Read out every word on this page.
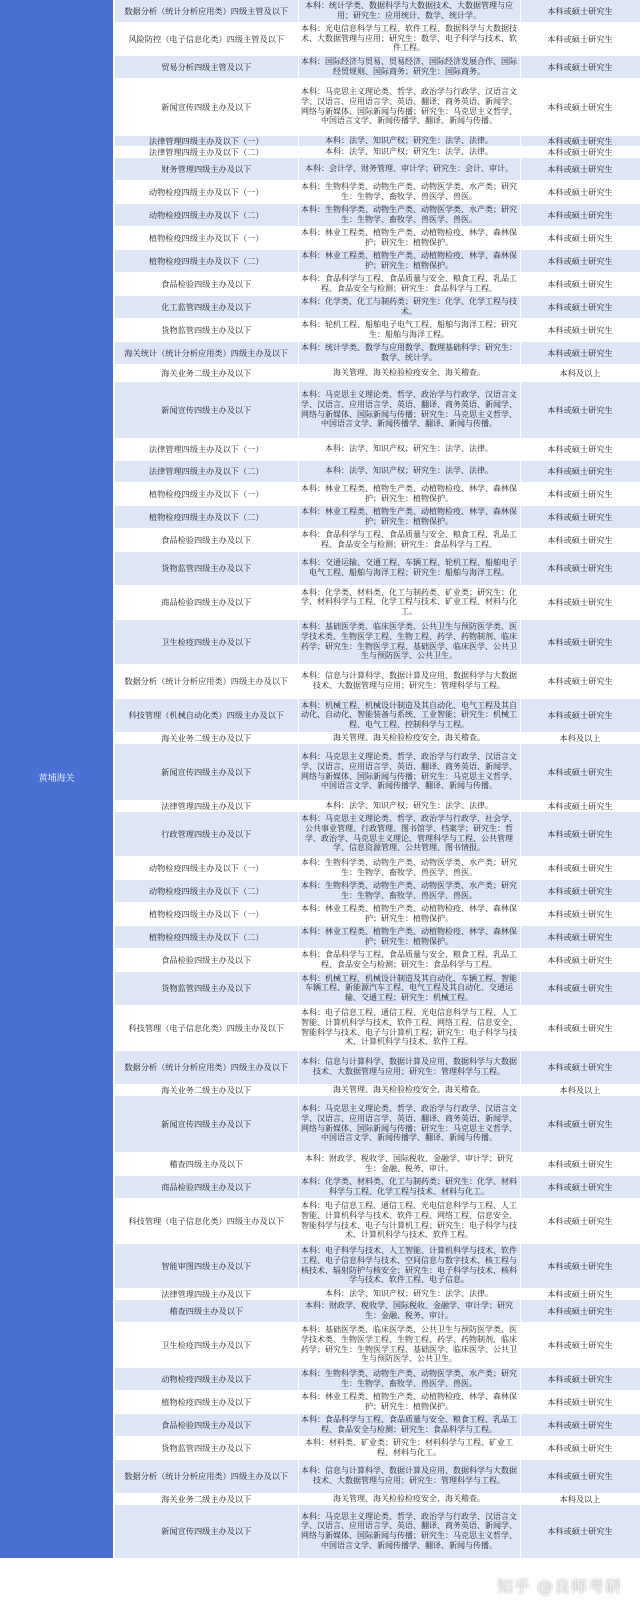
黄埔海关	数据分析（统计分析应用类）四级主管及以下	本科：统计学类、数据科学与大数据技术、大数据管理与应用；研究生：应用统计、数学、统计学。	本科或硕士研究生
	风险防控（电子信息化类）四级主管及以下	本科：光电信息科学与工程、软件工程、数据科学与大数据技术、大数据管理与应用；研究生：数学、电子科学与技术、软件工程。	本科或硕士研究生
	贸易分析四级主管及以下	本科：国际经济与贸易、贸易经济、国际经济发展合作、国际经贸规则、国际商务；研究生：国际商务。	本科或硕士研究生
	新闻宣传四级主办及以下	本科：马克思主义理论类、哲学、政治学与行政学、汉语言文学、汉语言、应用语言学、英语、翻译、商务英语、新闻学、网络与新媒体、国际新闻与传播；研究生：马克思主义哲学、中国语言文学、新闻传播学、翻译、新闻与传播。	本科或硕士研究生
	法律管理四级主办及以下（一）	本科：法学、知识产权；研究生：法学、法律。	本科或硕士研究生
	法律管理四级主办及以下（二）	本科：法学、知识产权；研究生：法学、法律。	本科或硕士研究生
	财务管理四级主办及以下	本科：会计学、财务管理、审计学；研究生：会计、审计。	本科或硕士研究生
	动物检疫四级主办及以下（一）	本科：生物科学类、动物生产类、动物医学类、水产类；研究生：生物学、畜牧学、兽医学、兽医。	本科或硕士研究生
	动物检疫四级主办及以下（二）	本科：生物科学类、动物生产类、动物医学类、水产类；研究生：生物学、畜牧学、兽医学、兽医。	本科或硕士研究生
	植物检疫四级主办及以下（一）	本科：林业工程类、植物生产类、动植物检疫、林学、森林保护；研究生：植物保护。	本科或硕士研究生
	植物检疫四级主办及以下（二）	本科：林业工程类、植物生产类、动植物检疫、林学、森林保护；研究生：植物保护。	本科或硕士研究生
	食品检验四级主办及以下	本科：食品科学与工程、食品质量与安全、粮食工程、乳品工程、食品安全与检测；研究生：食品科学与工程。	本科或硕士研究生
	化工监管四级主办及以下	本科：化学类、化工与制药类；研究生：化学、化学工程与技术。	本科或硕士研究生
	货物监管四级主办及以下	本科：轮机工程、船舶电子电气工程、船舶与海洋工程；研究生：船舶与海洋工程。	本科或硕士研究生
	海关统计（统计分析应用类）四级主办及以下	本科：统计学类、数学与应用数学、数理基础科学；研究生：数学、统计学。	本科或硕士研究生
	海关业务二级主办及以下	海关管理、海关检验检疫安全、海关稽查。	本科及以上
	新闻宣传四级主办及以下	本科：马克思主义理论类、哲学、政治学与行政学、汉语言文学、汉语言、应用语言学、英语、翻译、商务英语、新闻学、网络与新媒体、国际新闻与传播；研究生：马克思主义哲学、中国语言文学、新闻传播学、翻译、新闻与传播。	本科或硕士研究生
	法律管理四级主办及以下（一）	本科：法学、知识产权；研究生：法学、法律。	本科或硕士研究生
	法律管理四级主办及以下（二）	本科：法学、知识产权；研究生：法学、法律。	本科或硕士研究生
	植物检疫四级主办及以下（一）	本科：林业工程类、植物生产类、动植物检疫、林学、森林保护；研究生：植物保护。	本科或硕士研究生
	植物检疫四级主办及以下（二）	本科：林业工程类、植物生产类、动植物检疫、林学、森林保护；研究生：植物保护。	本科或硕士研究生
	食品检验四级主办及以下	本科：食品科学与工程、食品质量与安全、粮食工程、乳品工程、食品安全与检测；研究生：食品科学与工程。	本科或硕士研究生
	货物监管四级主办及以下	本科：交通运输、交通工程、车辆工程、轮机工程、船舶电子电气工程、船舶与海洋工程；研究生：船舶与海洋工程。	本科或硕士研究生
	商品检验四级主办及以下	本科：化学类、材料类、化工与制药类、矿业类；研究生：化学、材料科学与工程、化学工程与技术、矿业工程、材料与化工。	本科或硕士研究生
	卫生检疫四级主办及以下	本科：基础医学类、临床医学类、公共卫生与预防医学类、医学技术类、生物医学工程、生物工程、药学、药物制剂、临床药学；研究生：生物医学工程、基础医学、临床医学、公共卫生与预防医学、公共卫生。	本科或硕士研究生
	数据分析（统计分析应用类）四级主办及以下	本科：信息与计算科学、数据计算及应用、数据科学与大数据技术、大数据管理与应用；研究生：管理科学与工程。	本科或硕士研究生
	科技管理（机械自动化类）四级主办及以下	本科：机械工程、机械设计制造及其自动化、电气工程及其自动化、自动化、智能装备与系统、工业智能；研究生：机械工程、电气工程、控制科学与工程。	本科或硕士研究生
	海关业务二级主办及以下	海关管理、海关检验检疫安全、海关稽查。	本科及以上
	新闻宣传四级主办及以下	本科：马克思主义理论类、哲学、政治学与行政学、汉语言文学、汉语言、应用语言学、英语、翻译、商务英语、新闻学、网络与新媒体、国际新闻与传播；研究生：马克思主义哲学、中国语言文学、新闻传播学、翻译、新闻与传播。	本科或硕士研究生
	法律管理四级主办及以下	本科：法学、知识产权；研究生：法学、法律。	本科或硕士研究生
	行政管理四级主办及以下	本科：马克思主义理论类、哲学、政治学与行政学、社会学、公共事业管理、行政管理、图书馆学、档案学；研究生：哲学、政治学、马克思主义理论、管理科学与工程、公共管理学、信息资源管理、公共管理、图书情报。	本科或硕士研究生
	动物检疫四级主办及以下（一）	本科：生物科学类、动物生产类、动物医学类、水产类；研究生：生物学、畜牧学、兽医学、兽医。	本科或硕士研究生
	动物检疫四级主办及以下（二）	本科：生物科学类、动物生产类、动物医学类、水产类；研究生：生物学、畜牧学、兽医学、兽医。	本科或硕士研究生
	植物检疫四级主办及以下（一）	本科：林业工程类、植物生产类、动植物检疫、林学、森林保护；研究生：植物保护。	本科或硕士研究生
	植物检疫四级主办及以下（二）	本科：林业工程类、植物生产类、动植物检疫、林学、森林保护；研究生：植物保护。	本科或硕士研究生
	食品检验四级主办及以下	本科：食品科学与工程、食品质量与安全、粮食工程、乳品工程、食品安全与检测；研究生：食品科学与工程。	本科或硕士研究生
	货物监管四级主办及以下	本科：机械工程、机械设计制造及其自动化、车辆工程、智能车辆工程、新能源汽车工程、电气工程及其自动化、交通运输、交通工程；研究生：机械工程。	本科或硕士研究生
	科技管理（电子信息化类）四级主办及以下	本科：电子信息工程、通信工程、光电信息科学与工程、人工智能、计算机科学与技术、软件工程、网络工程、信息安全、智能科学与技术、电子与计算机工程；研究生：电子科学与技术、计算机科学与技术、软件工程。	本科或硕士研究生
	数据分析（统计分析应用类）四级主办及以下	本科：信息与计算科学、数据计算及应用、数据科学与大数据技术、大数据管理与应用；研究生：管理科学与工程。	本科或硕士研究生
	海关业务二级主办及以下	海关管理、海关检验检疫安全、海关稽查。	本科及以上
	新闻宣传四级主办及以下	本科：马克思主义理论类、哲学、政治学与行政学、汉语言文学、汉语言、应用语言学、英语、翻译、商务英语、新闻学、网络与新媒体、国际新闻与传播；研究生：马克思主义哲学、中国语言文学、新闻传播学、翻译、新闻与传播。	本科或硕士研究生
	稽查四级主办及以下	本科：财政学、税收学、国际税收、金融学、审计学；研究生：金融、税务、审计。	本科或硕士研究生
	商品检验四级主办及以下	本科：化学类、材料类、化工与制药类；研究生：化学、材料科学与工程、化学工程与技术、材料与化工。	本科或硕士研究生
	科技管理（电子信息化类）四级主办及以下	本科：电子信息工程、通信工程、光电信息科学与工程、人工智能、计算机科学与技术、软件工程、网络工程、信息安全、智能科学与技术、电子与计算机工程；研究生：电子科学与技术、计算机科学与技术、软件工程。	本科或硕士研究生
	智能审图四级主办及以下	本科：电子科学与技术、人工智能、计算机科学与技术、软件工程、电子信息科学与技术、空间信息与数字技术、核工程与核技术、辐射防护与核安全；研究生：电子科学与技术、核科学与技术、软件工程、电子信息。	本科或硕士研究生
	法律管理四级主办及以下	本科：法学、知识产权；研究生：法学、法律。	本科或硕士研究生
	稽查四级主办及以下	本科：财政学、税收学、国际税收、金融学、审计学；研究生：金融、税务、审计。	本科或硕士研究生
	卫生检疫四级主办及以下	本科：基础医学类、临床医学类、公共卫生与预防医学类、医学技术类、生物医学工程、生物工程、药学、药物制剂、临床药学；研究生：生物医学工程、基础医学、临床医学、公共卫生与预防医学、公共卫生。	本科或硕士研究生
	动物检疫四级主办及以下	本科：生物科学类、动物生产类、动物医学类、水产类；研究生：生物学、畜牧学、兽医学、兽医。	本科或硕士研究生
	植物检疫四级主办及以下	本科：林业工程类、植物生产类、动植物检疫、林学、森林保护；研究生：植物保护。	本科或硕士研究生
	食品检验四级主办及以下	本科：食品科学与工程、食品质量与安全、粮食工程、乳品工程、食品安全与检测；研究生：食品科学与工程。	本科或硕士研究生
	货物监管四级主办及以下	本科：材料类、矿业类；研究生：材料科学与工程、矿业工程、材料与化工。	本科或硕士研究生
	数据分析（统计分析应用类）四级主办及以下	本科：信息与计算科学、数据计算及应用、数据科学与大数据技术、大数据管理与应用；研究生：管理科学与工程。	本科或硕士研究生
	海关业务二级主办及以下	海关管理、海关检验检疫安全、海关稽查。	本科及以上
	新闻宣传四级主办及以下	本科：马克思主义理论类、哲学、政治学与行政学、汉语言文学、汉语言、应用语言学、英语、翻译、商务英语、新闻学、网络与新媒体、国际新闻与传播；研究生：马克思主义哲学、中国语言文学、新闻传播学、翻译、新闻与传播。	本科或硕士研究生
知乎 @良师考研
